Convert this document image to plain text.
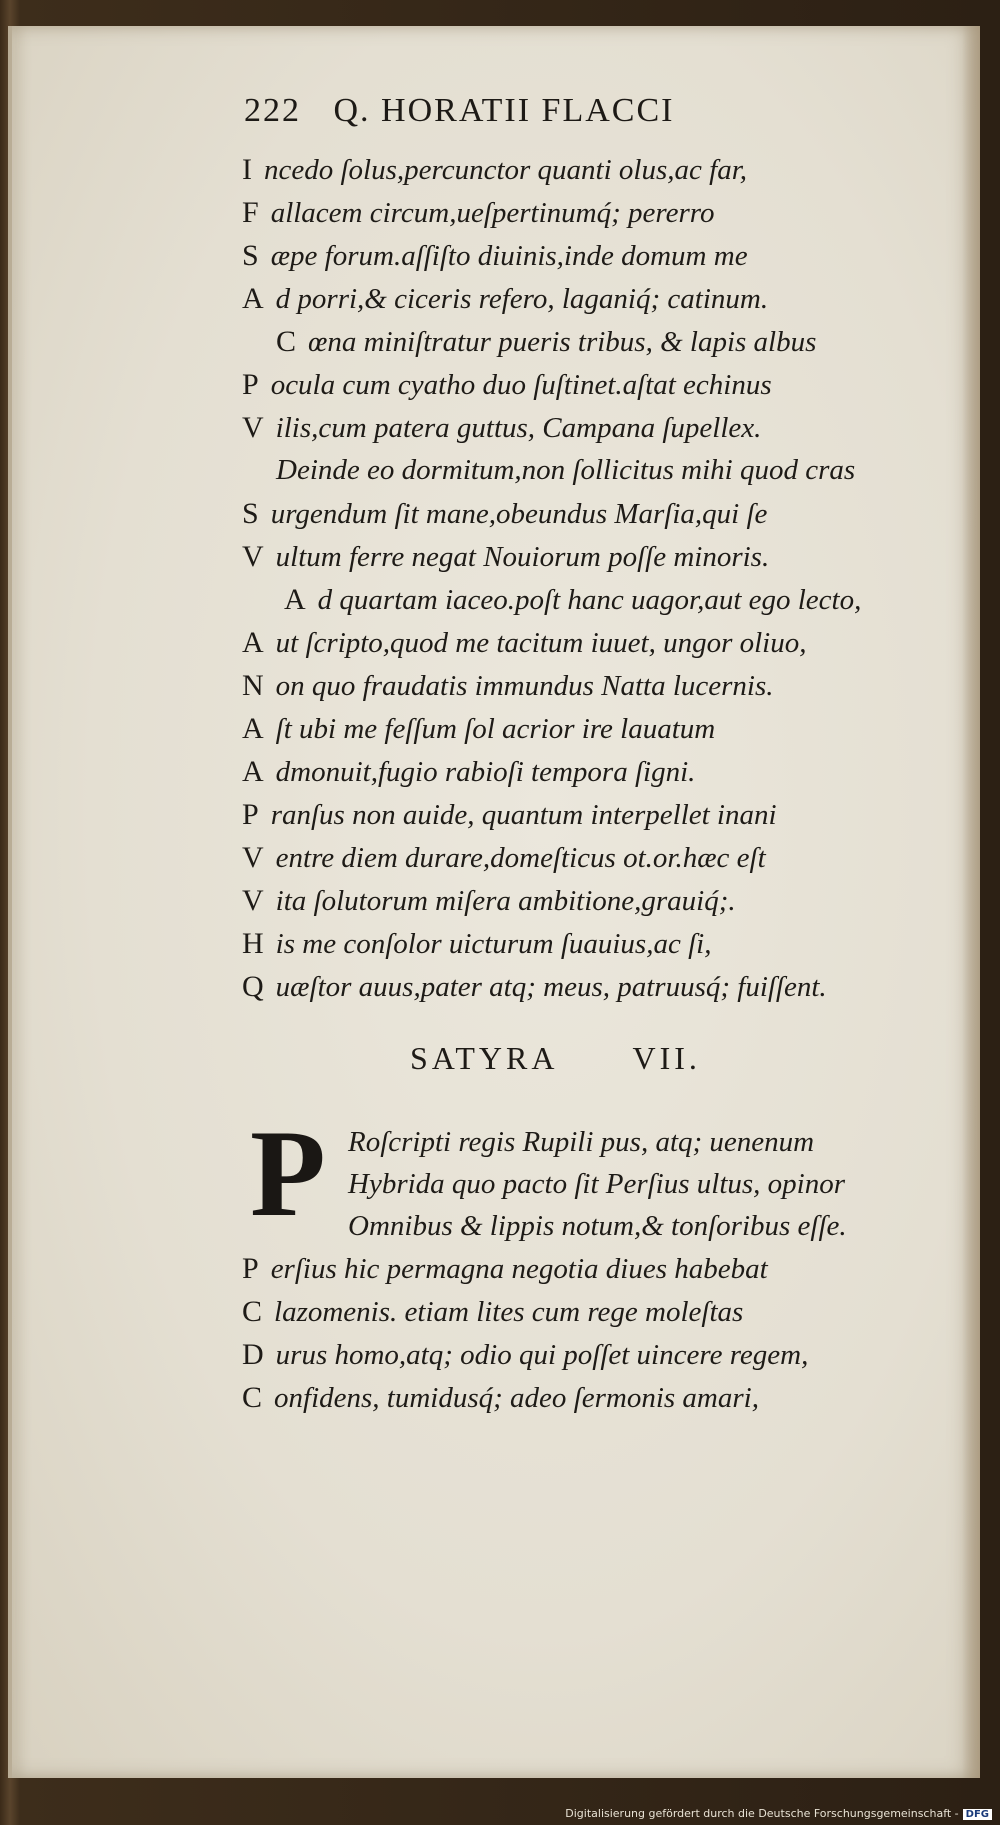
222 Q. HORATII FLACCI
I ncedo ſolus,percunctor quanti olus,ac far,
F allacem circum,ueſpertinumq́; pererro
S æpe forum.aſſiſto diuinis,inde domum me
A d porri,& ciceris refero, laganiq́; catinum.
C œna miniſtratur pueris tribus, & lapis albus
P ocula cum cyatho duo ſuſtinet.aſtat echinus
V ilis,cum patera guttus, Campana ſupellex.
Deinde eo dormitum,non ſollicitus mihi quod cras
S urgendum ſit mane,obeundus Marſia,qui ſe
V ultum ferre negat Nouiorum poſſe minoris.
A d quartam iaceo.poſt hanc uagor,aut ego lecto,
A ut ſcripto,quod me tacitum iuuet, ungor oliuo,
N on quo fraudatis immundus Natta lucernis.
A ſt ubi me feſſum ſol acrior ire lauatum
A dmonuit,fugio rabioſi tempora ſigni.
P ranſus non auide, quantum interpellet inani
V entre diem durare,domeſticus ot.or.hæc eſt
V ita ſolutorum miſera ambitione,grauiq́;.
H is me conſolor uicturum ſuauius,ac ſi,
Q uæſtor auus,pater atq; meus, patruusq́; fuiſſent.
SATYRA VII.
P Roſcripti regis Rupili pus, atq; uenenum
Hybrida quo pacto ſit Perſius ultus, opinor
Omnibus & lippis notum,& tonſoribus eſſe.
P erſius hic permagna negotia diues habebat
C lazomenis. etiam lites cum rege moleſtas
D urus homo,atq; odio qui poſſet uincere regem,
C onfidens, tumidusq́; adeo ſermonis amari,
Digitalisierung gefördert durch die Deutsche Forschungsgemeinschaft - DFG
